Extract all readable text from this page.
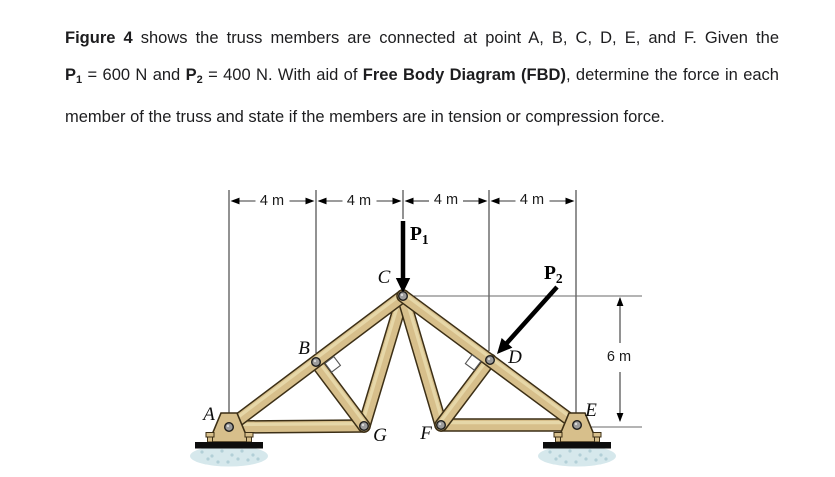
Figure 4 shows the truss members are connected at point A, B, C, D, E, and F. Given the
$P_1 = 600$ N and $P_2 = 400$ N. With aid of Free Body Diagram (FBD), determine the force in each
member of the truss and state if the members are in tension or compression force.
A
B
C
D
E
F
G
4 m	4 m	4 m	4 m
6 m
$P_1$
$P_2$
